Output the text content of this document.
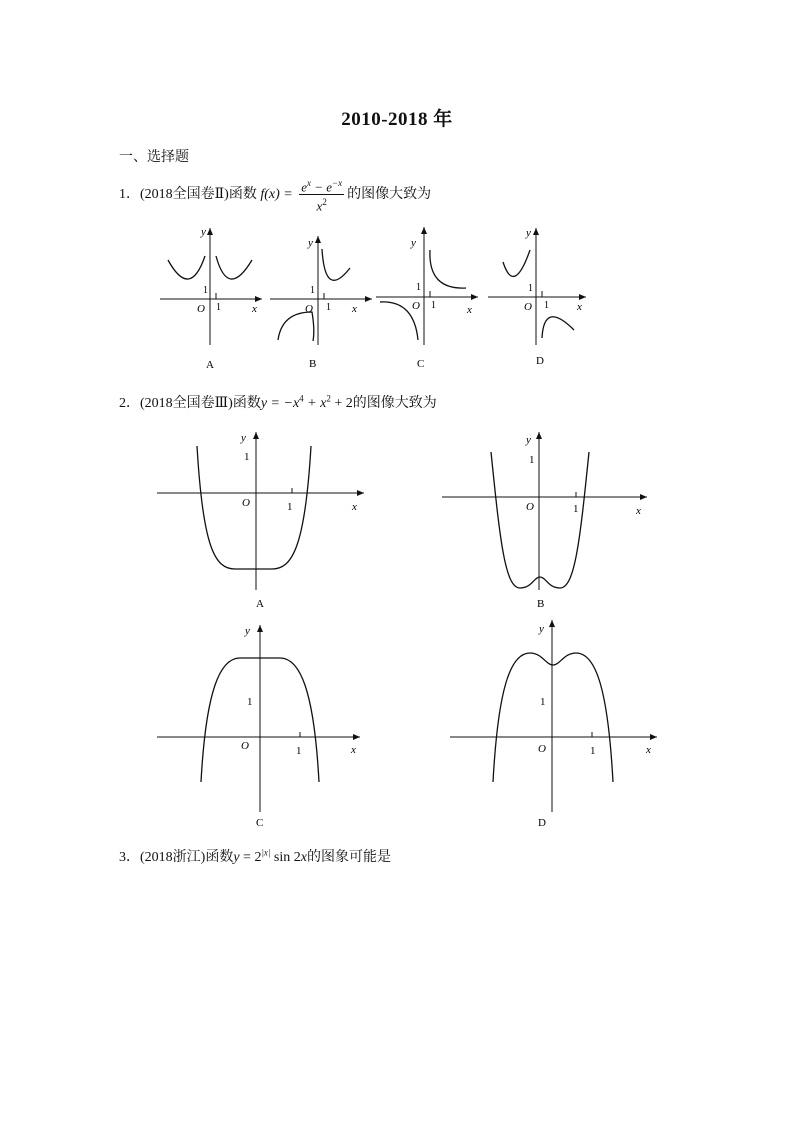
2010-2018 年
一、选择题
1．(2018全国卷Ⅱ)函数 $f(x) = \frac{e^x - e^{-x}}{x^2}$ 的图像大致为
y
1
O 1	x
A
y
1
O 1 x
B
y
1
O 1	x
C
y
1
O 1	x
D
y
1
O	1	x
A
y
1
O	1	x
B
y
1
O	1	x
C
y
1
O	1	x
D
2．(2018全国卷Ⅲ)函数$y = -x^4 + x^2 + 2$的图像大致为
3．(2018浙江)函数$y = 2^{|x|}$ sin 2x的图象可能是
